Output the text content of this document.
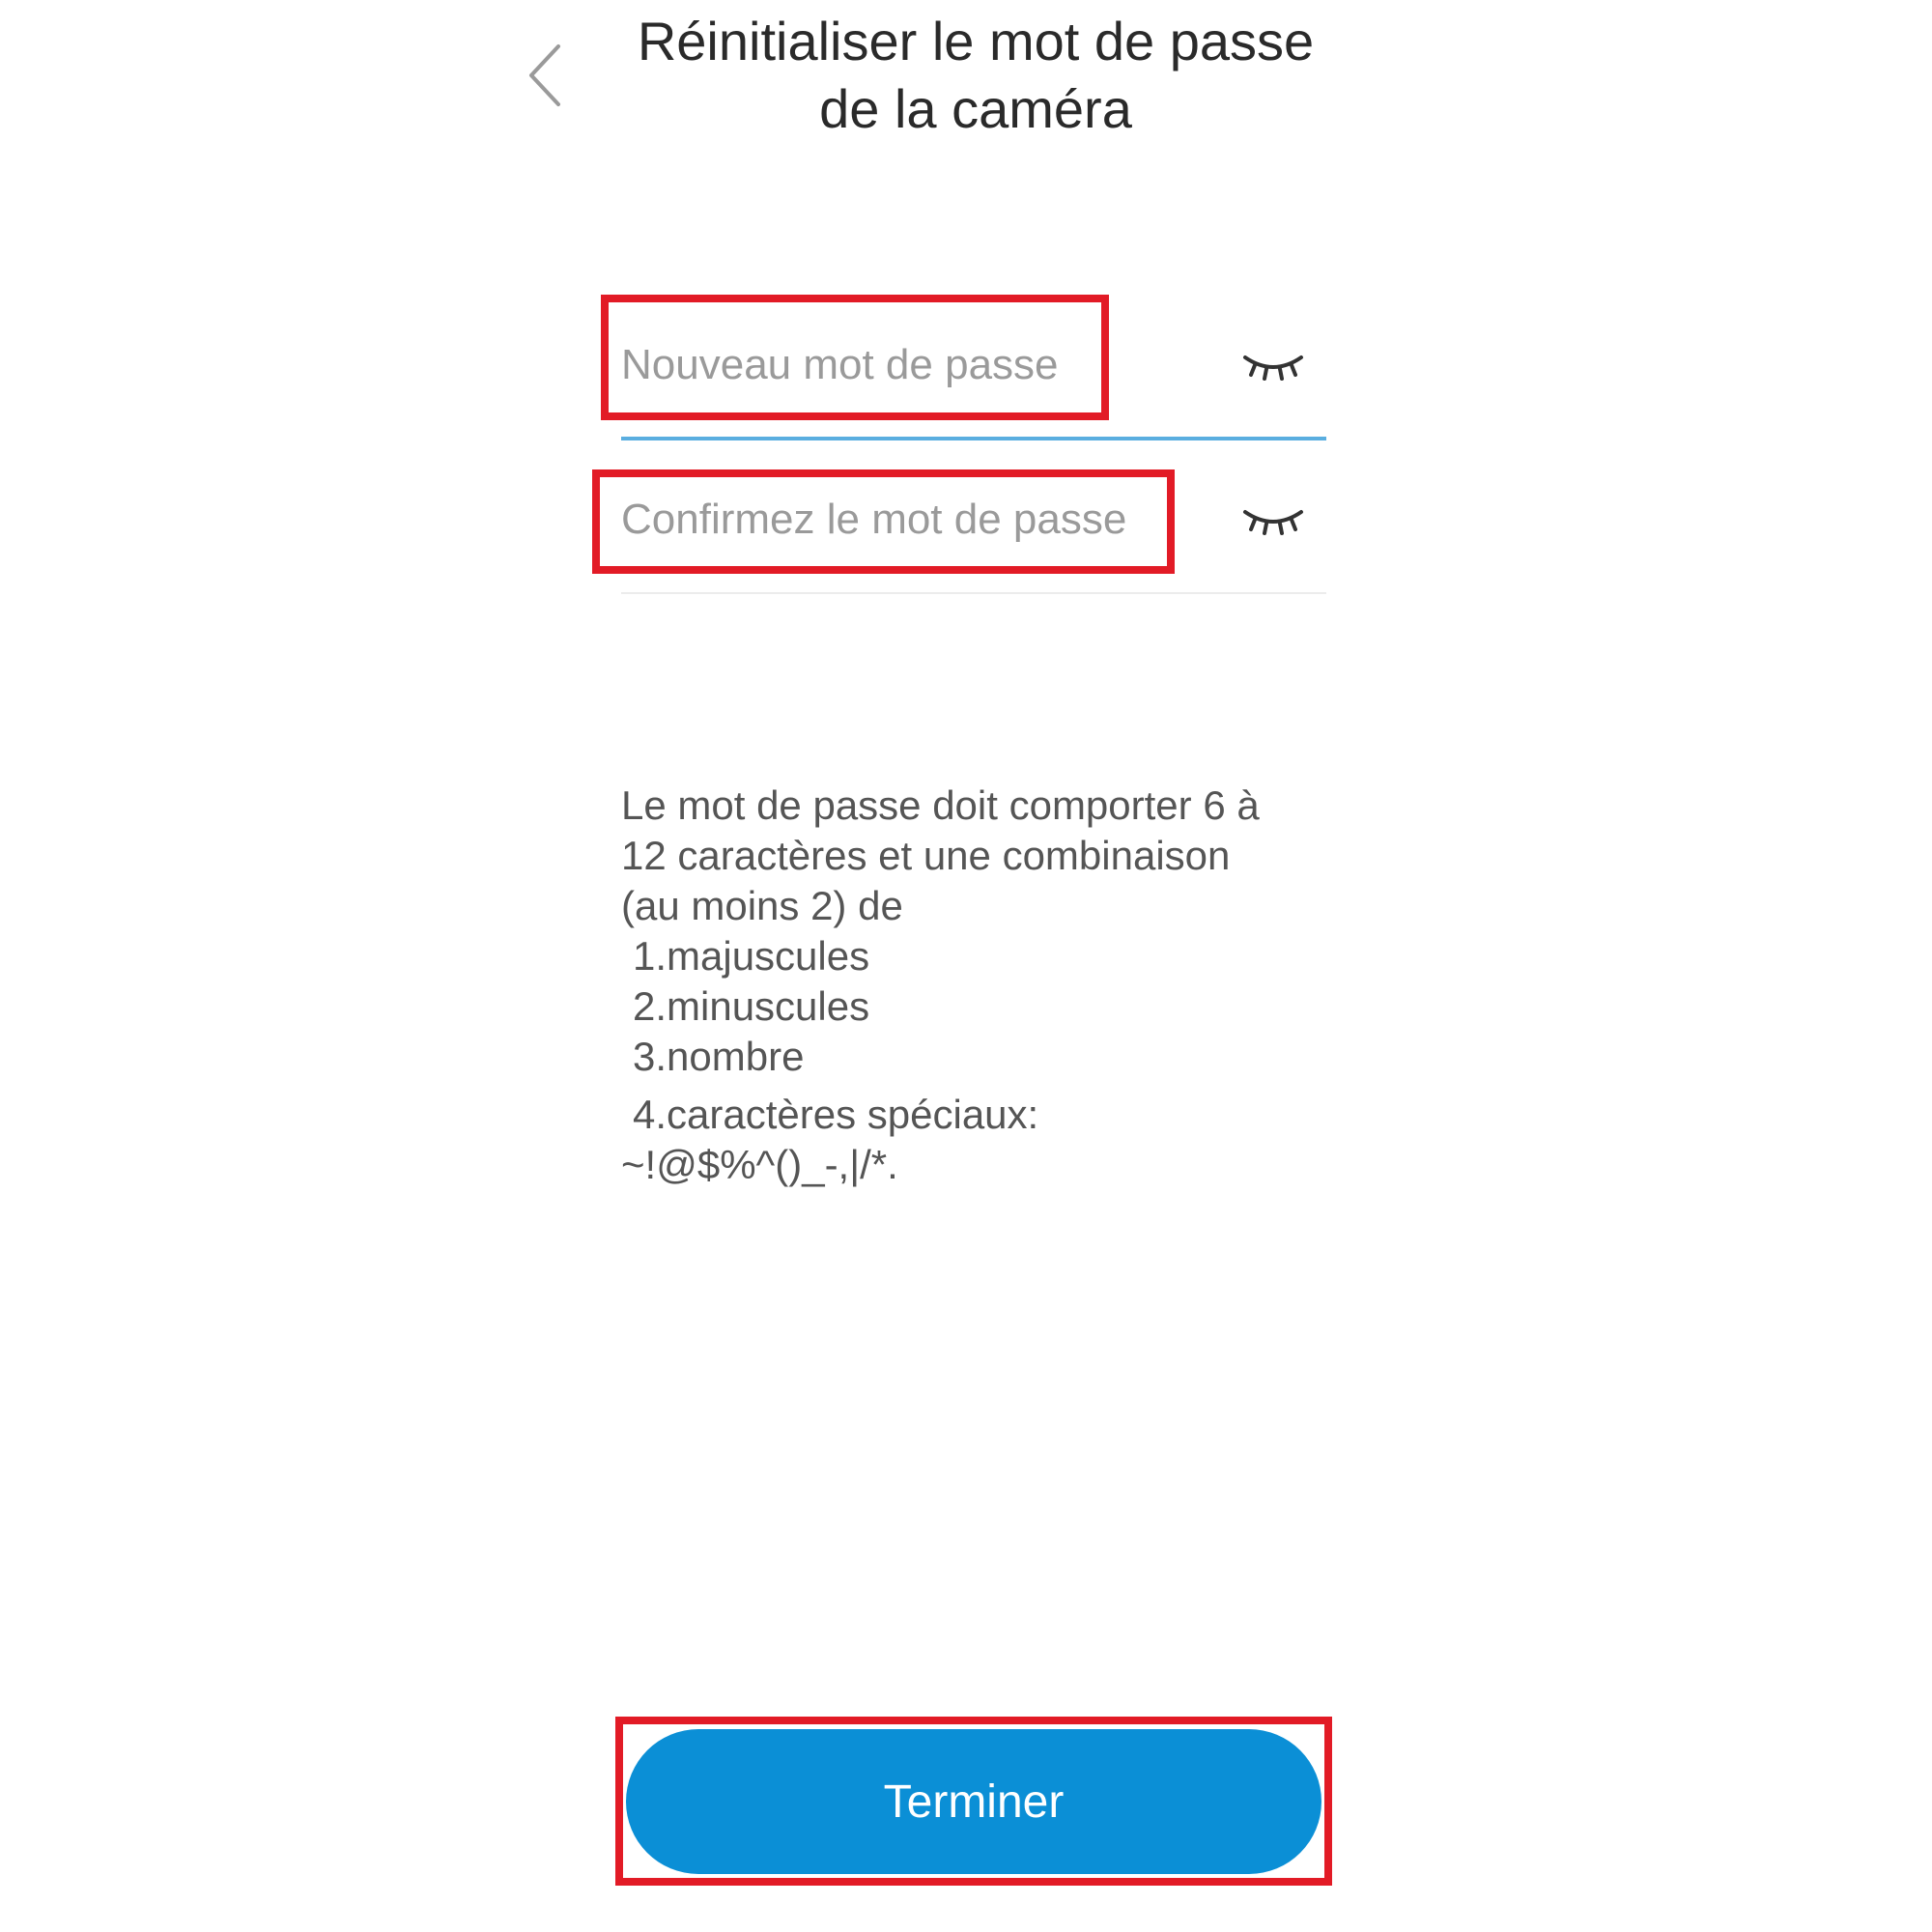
Réinitialiser le mot de passe
de la caméra
Le mot de passe doit comporter 6 à
12 caractères et une combinaison
(au moins 2) de
1.majuscules
2.minuscules
3.nombre
4.caractères spéciaux:
~!@$%^()_-,|/*.
Terminer
